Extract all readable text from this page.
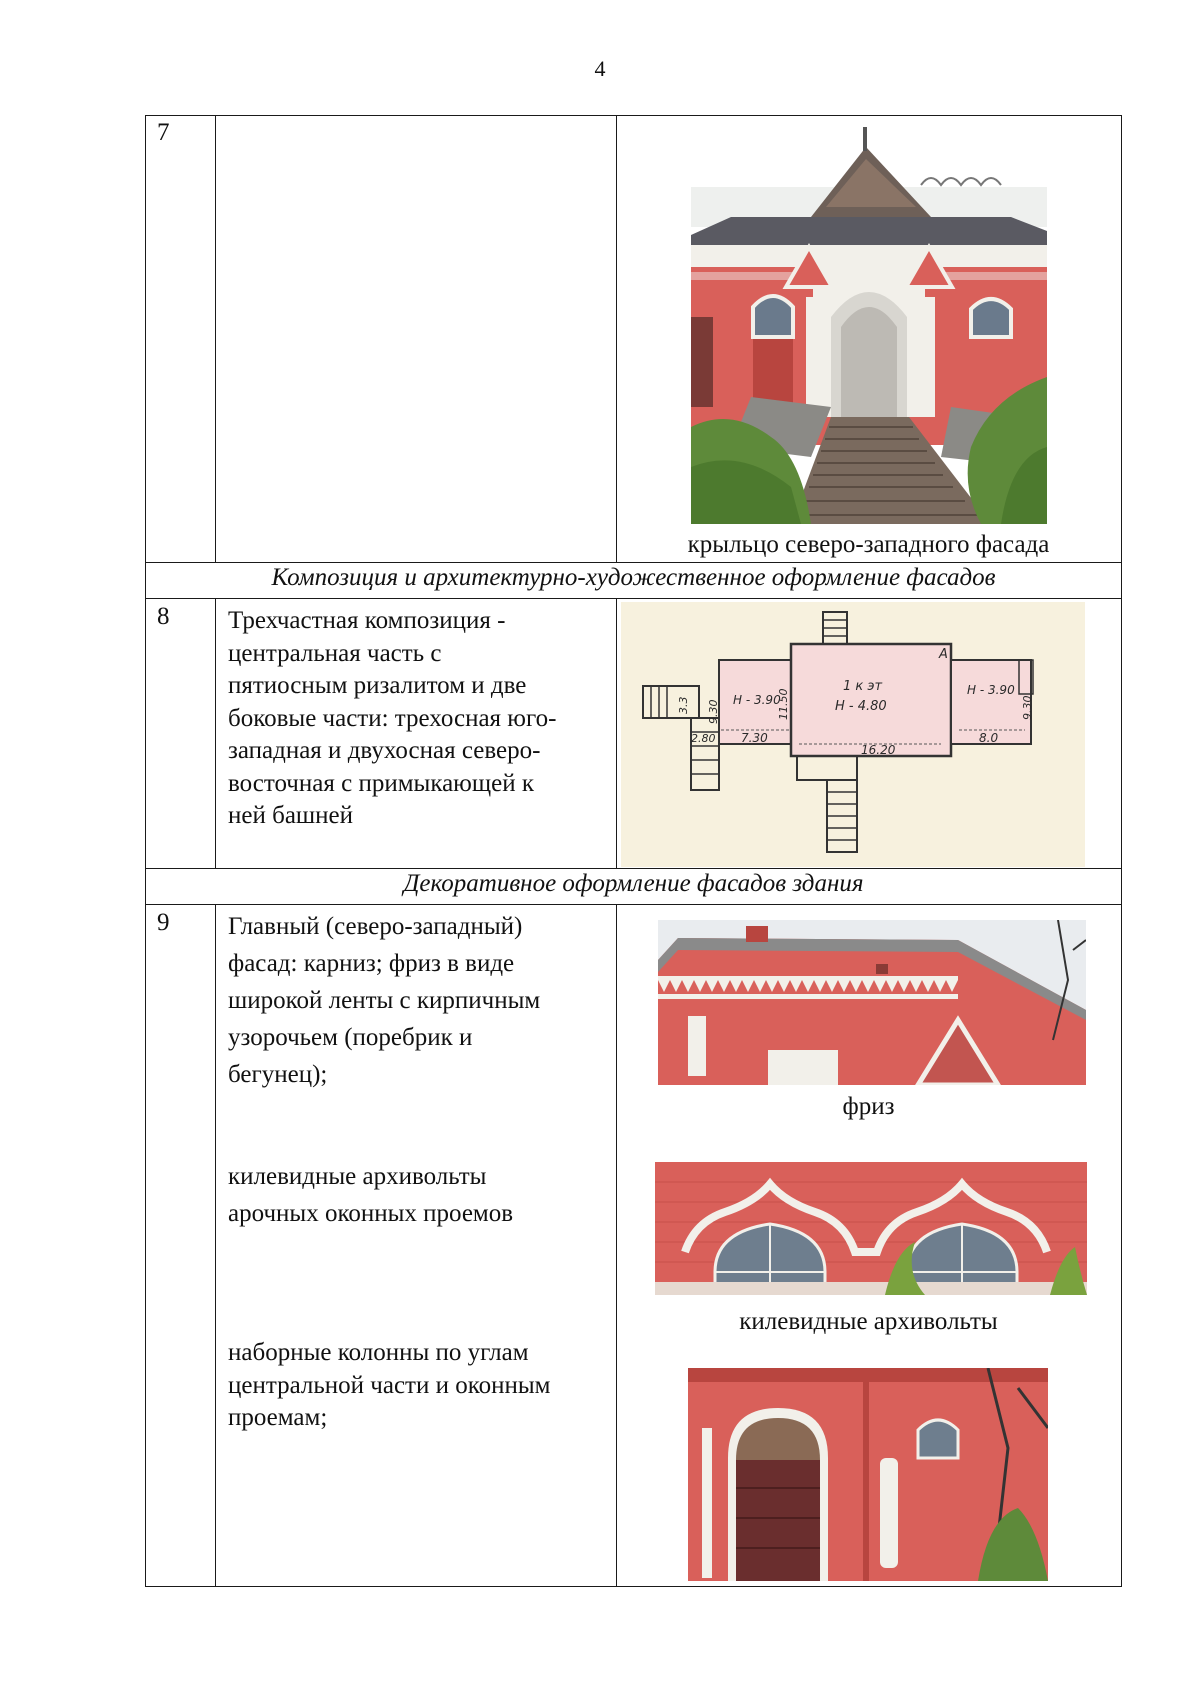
4
7
крыльцо северо-западного фасада
Композиция и архитектурно-художественное оформление фасадов
8 Трехчастная композиция -
центральная часть с
пятиосным ризалитом и две
боковые части: трехосная юго-
западная и двухосная северо-
восточная с примыкающей к
ней башней
А
1 к эт
Н - 4.80
Н - 3.90
Н - 3.90
16.20
7.30	8.0
11.50
9.30	9.30
3.3
2.80
Декоративное оформление фасадов здания
9 Главный (северо-западный)
фасад: карниз; фриз в виде
широкой ленты с кирпичным
узорочьем (поребрик и
бегунец);
килевидные архивольты
арочных оконных проемов
наборные колонны по углам
центральной части и оконным
проемам;
фриз
килевидные архивольты
